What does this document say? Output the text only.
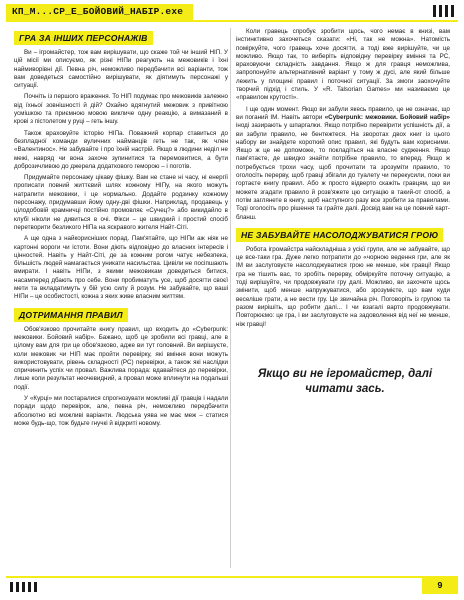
КП_М...СР_Е_БОЙОВИЙ_НАБІР.exe
ГРА ЗА ІНШИХ ПЕРСОНАЖІВ

Ви – ігромайстер, тож вам вирішувати, що скаже той чи інший НІП. У цій місії ми описуємо, як різні НІПи реагують на межовиків і їхні наймиворівні дії. Певна річ, неможливо передбачити всі варіанти, тож вам доведеться самостійно вирішувати, як діятимуть персонажі у ситуації.

Почніть із першого враження. То НІП подумає про межовиків залежно від їхньої зовнішності й дій? Охайно вдягнутий межовик з привітною усмішкою та приємною мовою викличе одну реакцію, а вимазаний в крові з пістолетом у руці – геть іншу.

Також враховуйте історію НІПа. Поважний корпар ставиться до безпладної команди вуличних найманців геть не так, як член «Валентинос». Не забувайте і про їхній настрій. Якщо в людини неділ не межі, навряд чи вона захоче зупинитися та перемовитися, а бути доброзичливою до джерела додаткового геморою – і поготів.

Придумайте персонажу цікаву фішку. Вам не стане ні часу, ні енергії прописати повний життєвий шлях кожному НІПу, на якого можуть натрапити межовики, і це нормально. Додайте родзинку кожному персонажу, придумавши йому одну-дві фішки. Наприклад, продавець у цілодобовій крамничці постійно промовляє «Сучец?» або викидайло в клубі ніколи не дивиться в очі. Фікси – це швидкий і простий спосіб перетворити безликого НІПа на яскравого жителя Найт-Сіті.

А ще одна з найкорисніших порад. Пам'ятайте, що НІПи аж ніяк не картонні вороги чи істоти. Вони діють відповідно до власних інтересів і цінностей. Навіть у Найт-Сіті, де за кожним рогом чатує небезпека, більшість людей намагається уникати насильства. Цивіли не посіпшають вмирати. І навіть НІПи, з якими межовикам доведеться битися, насамперед дбають про себе. Вони пробиматуть усе, щоб досягти своєї мети та вкладатимуть у бій усю силу й розум. Не забувайте, що ваші НІПи – це особистості, кожна з яких живе власним життям.

ДОТРИМАННЯ ПРАВИЛ

Обов'язково прочитайте книгу правил, що входить до «Cyberpunk: межовики. Бойовий набір». Бажано, щоб це зробили всі гравці, але в цілому вам для гри це обов'язково, адже ви тут головний. Ви вирішуєте, коли межовик чи НІП має пройти перевірку, які вміння вони можуть використовувати, рівень складності (РС) перевірки, а також які наслідки спричинить успіх чи провал. Важлива порада: вдавайтеся до перевірки, лише коли результат неочевидний, а провал може вплинути на подальші події.

У «Курці» ми постаралися спрогнозувати можливі дії гравців і надали поради щодо перевірок, але, певна річ, неможливо передбачити абсолютно всі можливі варіанти. Людська уява не має меж – статися може будь-що, тож будьте гнучкі й відкриті новому.

Коли гравець спробує зробити щось, чого немає в книзі, вам інстинктивно захочеться сказати: «Ні, так не можна». Натомість поміркуйте, чого гравець хоче досягти, а тоді вже вирішуйте, чи це можливо. Якщо так, то виберіть відповідну перевірку вміння та РС, враховуючи складність завдання. Якщо ж для гравця неможлива, запропонуйте альтернативний варіант у тому ж дусі, але який більше лежить у площині правил і поточної ситуації. За змоги заохочуйте творчий підхід і стиль. У «R. Talsorian Games» ми називаємо це «правилом крутості».

І ще один момент. Якщо ви забули якесь правило, це не означає, що ви поганий ІМ. Навіть автори «Cyberpunk: межовики. Бойовий набір» іноді зазирають у шпаргалки. Якщо потрібно перевірити успішність дії, а ви забули правило, не бентежтеся. На зворотах двох книг із цього набору ви знайдете короткий опис правил, які будуть вам корисними. Якщо ж це не допоможе, то покладіться на власне судження. Якщо пам'ятаєте, де швидко знайти потрібне правило, то вперед. Якщо ж потребується трохи часу, щоб прочитати та зрозуміти правило, то оголосіть перерву, щоб гравці збігали до туалету чи перекусили, поки ви гортаєте книгу правил. Або ж просто відверто скажіть гравцям, що ви можете згадати правило й розв'яжете цю ситуацію в такий-от спосіб, а потім заглянете в книгу, щоб наступного разу все зробити за правилами. Тоді оголосіть про рішення та грайте далі. Досвід вам на це повний карт-бланш.

НЕ ЗАБУВАЙТЕ НАСОЛОДЖУВАТИСЯ ГРОЮ

Робота ігромайстра найскладніша з усієї групи, але не забувайте, що це все-таки гра. Дуже легко потрапити до «чорною ведення гри, але як ІМ ви заслуговуєте насолоджуватися грою не менше, ніж гравці! Якщо гра не тішить вас, то зробіть перерву, обміркуйте поточну ситуацію, а тоді вирішуйте, чи продовжувати гру далі. Можливо, ви захочете щось змінити, щоб менше напружуватися, або зрозумієте, що вам куди веселіше грати, а не вести гру. Це звичайна річ. Поговоріть із групою та разом вирішіть, що робити далі... І чи взагалі варто продовжувати. Повторюємо: це гра, і ви заслуговуєте на задоволення від неї не менше, ніж гравці!

Якщо ви не ігромайстер, далі читати зась.
9
